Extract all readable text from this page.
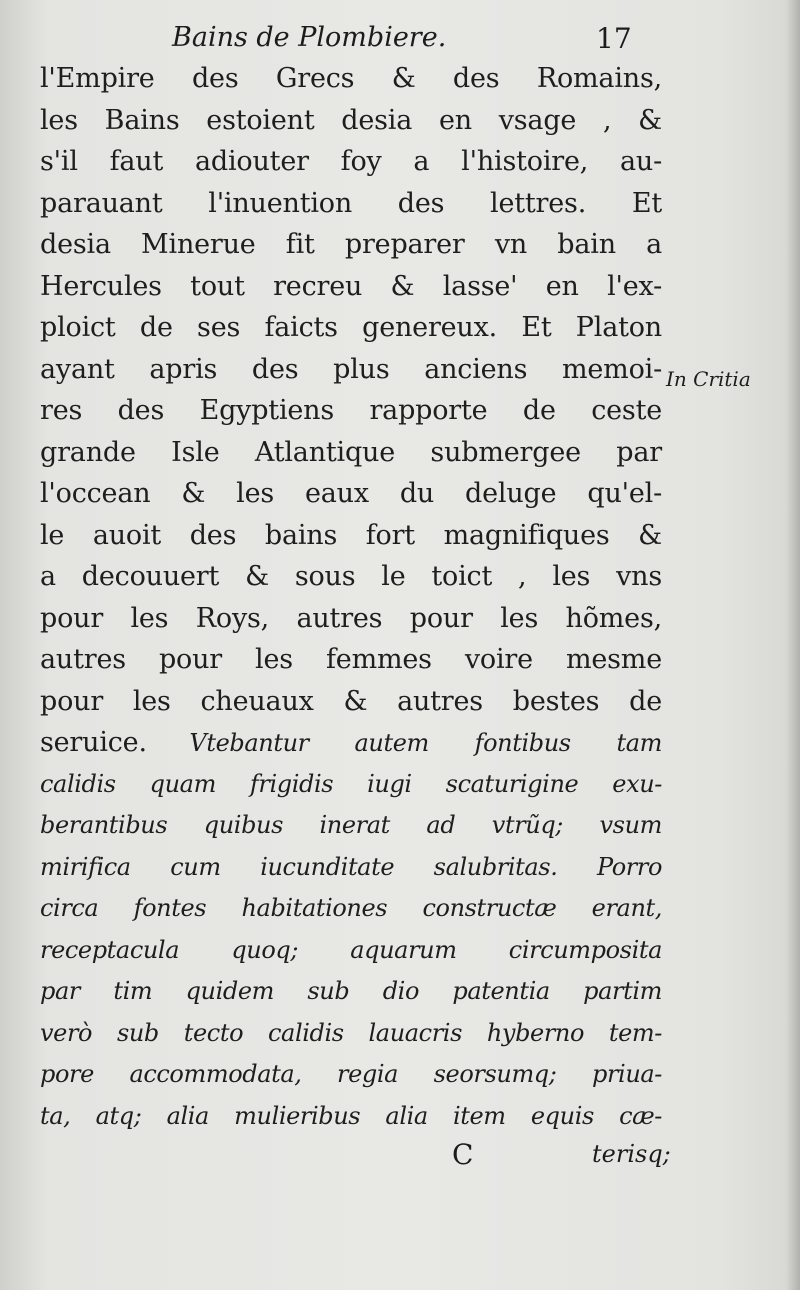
Bains de Plombiere.	17
l'Empire des Grecs & des Romains,
les Bains estoient desia en vsage , &
s'il faut adiouter foy a l'histoire, au-
parauant l'inuention des lettres. Et
desia Minerue fit preparer vn bain a
Hercules tout recreu & lasse' en l'ex-
ploict de ses faicts genereux. Et Platon
ayant apris des plus anciens memoi-
res des Egyptiens rapporte de ceste
grande Isle Atlantique submergee par
l'occean & les eaux du deluge qu'el-
le auoit des bains fort magnifiques &
a decouuert & sous le toict , les vns
pour les Roys, autres pour les hõmes,
autres pour les femmes voire mesme
pour les cheuaux & autres bestes de
seruice. Vtebantur autem fontibus tam
calidis quam frigidis iugi scaturigine exu-
berantibus quibus inerat ad vtrũq; vsum
mirifica cum iucunditate salubritas. Porro
circa fontes habitationes constructæ erant,
receptacula quoq; aquarum circumposita
par tim quidem sub dio patentia partim
verò sub tecto calidis lauacris hyberno tem-
pore accommodata, regia seorsumq; priua-
ta, atq; alia mulieribus alia item equis cæ-
In Critia
C	terisq;
